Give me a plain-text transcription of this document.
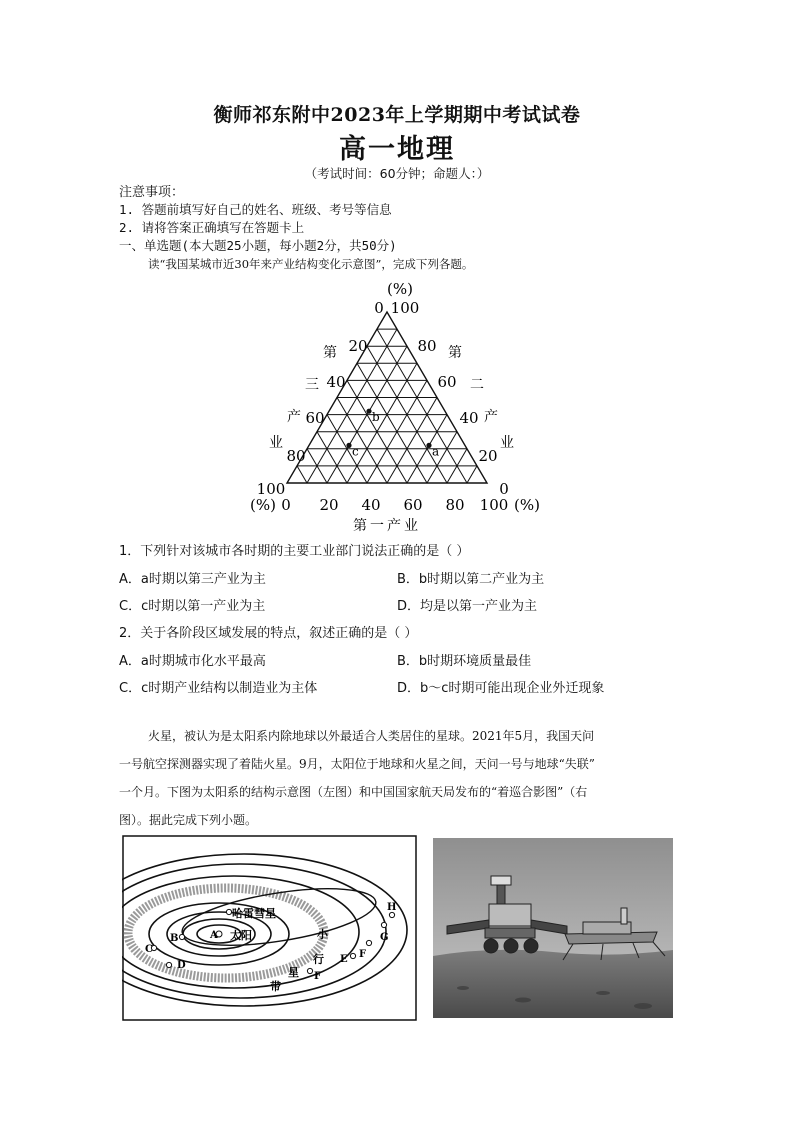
衡师祁东附中2023年上学期期中考试试卷
高一地理
（考试时间：60分钟；命题人：）
注意事项：
1. 答题前填写好自己的姓名、班级、考号等信息
2. 请将答案正确填写在答题卡上
一、单选题(本大题25小题，每小题2分，共50分)
读“我国某城市近30年来产业结构变化示意图”，完成下列各题。
(%)
0 100
20
40
60
80
100
80
60
40
20
0
0 20 40 60 80 100
(%)	(%)
第
三
产
业
第
二
产
业
第一产业
b
c	a
1．下列针对该城市各时期的主要工业部门说法正确的是（ ）
A．a时期以第三产业为主	B．b时期以第二产业为主
C．c时期以第一产业为主	D．均是以第一产业为主
2．关于各阶段区域发展的特点，叙述正确的是（ ）
A．a时期城市化水平最高	B．b时期环境质量最佳
C．c时期产业结构以制造业为主体	D．b～c时期可能出现企业外迁现象
火星，被认为是太阳系内除地球以外最适合人类居住的星球。2021年5月，我国天问
一号航空探测器实现了着陆火星。9月，太阳位于地球和火星之间，天问一号与地球“失联”
一个月。下图为太阳系的结构示意图（左图）和中国国家航天局发布的“着巡合影图”（右
图）。据此完成下列小题。
A 太阳
哈雷彗星
B
C
D
E F
G
H
F
小
行
带
星
